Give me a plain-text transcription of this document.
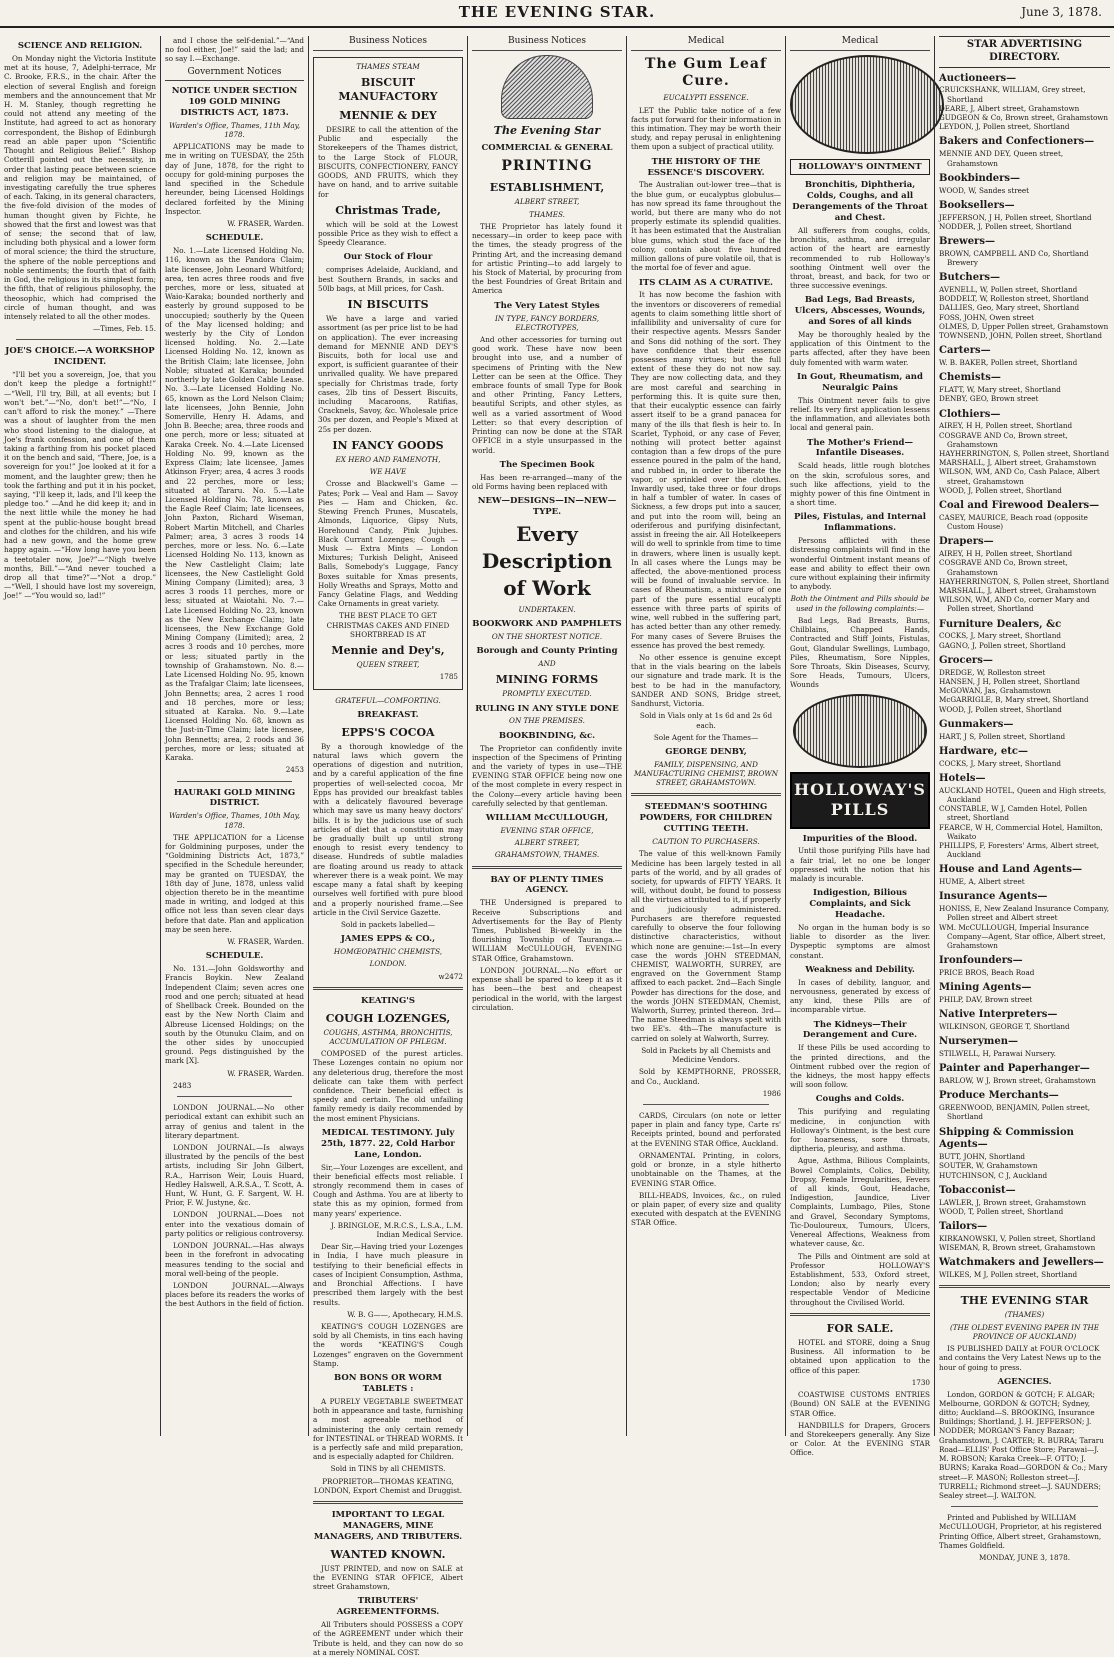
THE EVENING STAR.	June 3, 1878.
SCIENCE AND RELIGION.

On Monday night the Victoria Institute met at its house, 7, Adelphi-terrace, Mr C. Brooke, F.R.S., in the chair. After the election of several English and foreign members and the announcement that Mr H. M. Stanley, though regretting he could not attend any meeting of the Institute, had agreed to act as honorary correspondent, the Bishop of Edinburgh read an able paper upon “Scientific Thought and Religious Belief.” Bishop Cotterill pointed out the necessity, in order that lasting peace between science and religion may be maintained, of investigating carefully the true spheres of each. Taking, in its general characters, the five-fold division of the modes of human thought given by Fichte, he showed that the first and lowest was that of sense; the second that of law, including both physical and a lower form of moral science; the third the structure, the sphere of the noble perceptions and noble sentiments; the fourth that of faith in God, the religious in its simplest form; the fifth, that of religious philosophy, the theosophic, which had comprised the circle of human thought, and was intensely related to all the other modes.

—Times, Feb. 15.

JOE'S CHOICE.—A WORKSHOP INCIDENT.

“I'll bet you a sovereign, Joe, that you don't keep the pledge a fortnight!” —“Well, I'll try, Bill, at all events; but I won't bet.”—“No, don't bet!”—“No, I can't afford to risk the money.” —There was a shout of laughter from the men who stood listening to the dialogue, at Joe's frank confession, and one of them taking a farthing from his pocket placed it on the bench and said, “There, Joe, is a sovereign for you!” Joe looked at it for a moment, and the laughter grew; then he took the farthing and put it in his pocket, saying, “I'll keep it, lads, and I'll keep the pledge too.” —And he did keep it; and in the next little while the money he had spent at the public-house bought bread and clothes for the children, and his wife had a new gown, and the home grew happy again. —“How long have you been a teetotaler now, Joe?”—“Nigh twelve months, Bill.”—“And never touched a drop all that time?”—“Not a drop.” —“Well, I should have lost my sovereign, Joe!” —“You would so, lad!”

and I chose the self-denial.”—“And no fool either, Joe!” said the lad; and so say I.—Exchange.

Government Notices
NOTICE UNDER SECTION 109 GOLD MINING DISTRICTS ACT, 1873.
Warden's Office, Thames, 11th May, 1878.

APPLICATIONS may be made to me in writing on TUESDAY, the 25th day of June, 1878, for the right to occupy for gold-mining purposes the land specified in the Schedule hereunder, being Licensed Holdings declared forfeited by the Mining Inspector.

W. FRASER, Warden.

SCHEDULE.

No. 1.—Late Licensed Holding No. 116, known as the Pandora Claim; late licensee, John Leonard Whitford; area, ten acres three roods and five perches, more or less, situated at Waio-Karaka; bounded northerly and easterly by ground supposed to be unoccupied; southerly by the Queen of the May licensed holding; and westerly by the City of London licensed holding. No. 2.—Late Licensed Holding No. 12, known as the British Claim; late licensee, John Noble; situated at Karaka; bounded northerly by late Golden Cable Lease. No. 3.—Late Licensed Holding No. 65, known as the Lord Nelson Claim; late licensees, John Bennie, John Somerville, Henry H. Adams, and John B. Beeche; area, three roods and one perch, more or less; situated at Karaka Creek. No. 4.—Late Licensed Holding No. 99, known as the Express Claim; late licensee, James Atkinson Fryer; area, 4 acres 3 roods and 22 perches, more or less; situated at Tararu. No. 5.—Late Licensed Holding No. 78, known as the Eagle Reef Claim; late licensees, John Paxton, Richard Wiseman, Robert Martin Mitchell, and Charles Palmer; area, 3 acres 3 roods 14 perches, more or less. No. 6.—Late Licensed Holding No. 113, known as the New Castlelight Claim; late licensees, the New Castlelight Gold Mining Company (Limited); area, 3 acres 3 roods 11 perches, more or less; situated at Waiotahi. No. 7.—Late Licensed Holding No. 23, known as the New Exchange Claim; late licensees, the New Exchange Gold Mining Company (Limited); area, 2 acres 3 roods and 10 perches, more or less; situated partly in the township of Grahamstown. No. 8.—Late Licensed Holding No. 95, known as the Trafalgar Claim; late licensees, John Bennetts; area, 2 acres 1 rood and 18 perches, more or less; situated at Karaka. No. 9.—Late Licensed Holding No. 68, known as the Just-in-Time Claim; late licensee, John Bennetts; area, 2 roods and 36 perches, more or less; situated at Karaka.

2453

HAURAKI GOLD MINING DISTRICT.
Warden's Office, Thames, 10th May, 1878.

THE APPLICATION for a License for Goldmining purposes, under the “Goldmining Districts Act, 1873,” specified in the Schedule hereunder, may be granted on TUESDAY, the 18th day of June, 1878, unless valid objection thereto be in the meantime made in writing, and lodged at this office not less than seven clear days before that date. Plan and application may be seen here.

W. FRASER, Warden.

SCHEDULE.

No. 131.—John Goldsworthy and Francis Boykin. New Zealand Independent Claim; seven acres one rood and one perch; situated at head of Shellback Creek. Bounded on the east by the New North Claim and Albreuse Licensed Holdings; on the south by the Otunuku Claim, and on the other sides by unoccupied ground. Pegs distinguished by the mark [X].

W. FRASER, Warden.

2483

LONDON JOURNAL.—No other periodical extant can exhibit such an array of genius and talent in the literary department.

LONDON JOURNAL.—Is always illustrated by the pencils of the best artists, including Sir John Gilbert, R.A., Harrison Weir, Louis Huard, Hedley Halswell, A.R.S.A., T. Scott, A. Hunt, W. Hunt, G. F. Sargent, W. H. Prior, F. W. Justyne, &c.

LONDON JOURNAL.—Does not enter into the vexatious domain of party politics or religious controversy.

LONDON JOURNAL.—Has always been in the forefront in advocating measures tending to the social and moral well-being of the people.

LONDON JOURNAL.—Always places before its readers the works of the best Authors in the field of fiction.

Business Notices
THAMES STEAM
BISCUIT MANUFACTORY
MENNIE & DEY

DESIRE to call the attention of the Public and especially the Storekeepers of the Thames district, to the Large Stock of FLOUR, BISCUITS, CONFECTIONERY, FANCY GOODS, AND FRUITS, which they have on hand, and to arrive suitable for

Christmas Trade,

which will be sold at the Lowest possible Price as they wish to effect a Speedy Clearance.

Our Stock of Flour

comprises Adelaide, Auckland, and best Southern Brands, in sacks and 50lb bags, at Mill prices, for Cash.

IN BISCUITS

We have a large and varied assortment (as per price list to be had on application). The ever increasing demand for MENNIE AND DEY'S Biscuits, both for local use and export, is sufficient guarantee of their unrivalled quality. We have prepared specially for Christmas trade, forty cases, 2lb tins of Dessert Biscuits, including Macaroons, Ratifias, Cracknels, Savoy, &c. Wholesale price 30s per dozen, and People's Mixed at 25s per dozen.

IN FANCY GOODS
EX HERO AND FAMENOTH,
WE HAVE

Crosse and Blackwell's Game — Pates; Pork — Veal and Ham — Savoy Pies — Ham and Chicken, &c. Stewing French Prunes, Muscatels, Almonds, Liquorice, Gipsy Nuts, Horehound Candy, Pink Jujubes. Black Currant Lozenges; Cough — Musk — Extra Mints — London Mixtures; Turkish Delight, Aniseed Balls, Somebody's Luggage, Fancy Boxes suitable for Xmas presents, Holly Wreaths and Sprays, Motto and Fancy Gelatine Flags, and Wedding Cake Ornaments in great variety.

THE BEST PLACE TO GET CHRISTMAS CAKES AND FINED SHORTBREAD IS AT

Mennie and Dey's,
QUEEN STREET,

1785

GRATEFUL—COMFORTING.
BREAKFAST.
EPPS'S COCOA

By a thorough knowledge of the natural laws which govern the operations of digestion and nutrition, and by a careful application of the fine properties of well-selected cocoa, Mr Epps has provided our breakfast tables with a delicately flavoured beverage which may save us many heavy doctors' bills. It is by the judicious use of such articles of diet that a constitution may be gradually built up until strong enough to resist every tendency to disease. Hundreds of subtle maladies are floating around us ready to attack wherever there is a weak point. We may escape many a fatal shaft by keeping ourselves well fortified with pure blood and a properly nourished frame.—See article in the Civil Service Gazette.

Sold in packets labelled—

JAMES EPPS & CO.,
HOMŒOPATHIC CHEMISTS,
LONDON.

w2472

KEATING'S
COUGH LOZENGES,
COUGHS, ASTHMA, BRONCHITIS, ACCUMULATION OF PHLEGM.

COMPOSED of the purest articles. These Lozenges contain no opium nor any deleterious drug, therefore the most delicate can take them with perfect confidence. Their beneficial effect is speedy and certain. The old unfailing family remedy is daily recommended by the most eminent Physicians.

MEDICAL TESTIMONY. July 25th, 1877. 22, Cold Harbor Lane, London.

Sir,—Your Lozenges are excellent, and their beneficial effects most reliable. I strongly recommend them in cases of Cough and Asthma. You are at liberty to state this as my opinion, formed from many years' experience.

J. BRINGLOE, M.R.C.S., L.S.A., L.M. Indian Medical Service.

Dear Sir,—Having tried your Lozenges in India, I have much pleasure in testifying to their beneficial effects in cases of Incipient Consumption, Asthma, and Bronchial Affections. I have prescribed them largely with the best results.

W. B. G——, Apothecary, H.M.S.

KEATING'S COUGH LOZENGES are sold by all Chemists, in tins each having the words “KEATING'S Cough Lozenges” engraven on the Government Stamp.

BON BONS OR WORM TABLETS :

A PURELY VEGETABLE SWEETMEAT both in appearance and taste, furnishing a most agreeable method of administering the only certain remedy for INTESTINAL or THREAD WORMS. It is a perfectly safe and mild preparation, and is especially adapted for Children.

Sold in TINS by all CHEMISTS.

PROPRIETOR—THOMAS KEATING, LONDON, Export Chemist and Druggist.

IMPORTANT TO LEGAL MANAGERS, MINE MANAGERS, AND TRIBUTERS.
WANTED KNOWN.

JUST PRINTED, and now on SALE at the EVENING STAR OFFICE, Albert street Grahamstown,

TRIBUTERS' AGREEMENTFORMS.

All Tributers should POSSESS a COPY of the AGREEMENT under which their Tribute is held, and they can now do so at a merely NOMINAL COST.

Business Notices
The Evening Star
COMMERCIAL & GENERAL
PRINTING
ESTABLISHMENT,
ALBERT STREET,
THAMES.

THE Proprietor has lately found it necessary—in order to keep pace with the times, the steady progress of the Printing Art, and the increasing demand for artistic Printing—to add largely to his Stock of Material, by procuring from the best Foundries of Great Britain and America

The Very Latest Styles
IN TYPE, FANCY BORDERS, ELECTROTYPES,

And other accessories for turning out good work. These have now been brought into use, and a number of specimens of Printing with the New Letter can be seen at the Office. They embrace founts of small Type for Book and other Printing, Fancy Letters, beautiful Scripts, and other styles, as well as a varied assortment of Wood Letter: so that every description of Printing can now be done at the STAR OFFICE in a style unsurpassed in the world.

The Specimen Book

Has been re-arranged—many of the old Forms having been replaced with

NEW—DESIGNS—IN—NEW—TYPE.
Every
Description
of Work
UNDERTAKEN.
BOOKWORK AND PAMPHLETS
ON THE SHORTEST NOTICE.
Borough and County Printing
AND
MINING FORMS
PROMPTLY EXECUTED.
RULING IN ANY STYLE DONE
ON THE PREMISES.
BOOKBINDING, &c.

The Proprietor can confidently invite inspection of the Specimens of Printing and the variety of types in use—THE EVENING STAR OFFICE being now one of the most complete in every respect in the Colony—every article having been carefully selected by that gentleman.

WILLIAM McCULLOUGH,
EVENING STAR OFFICE,
ALBERT STREET,
GRAHAMSTOWN, THAMES.
BAY OF PLENTY TIMES AGENCY.

THE Undersigned is prepared to Receive Subscriptions and Advertisements for the Bay of Plenty Times, Published Bi-weekly in the flourishing Township of Tauranga.—WILLIAM McCULLOUGH, EVENING STAR Office, Grahamstown.

LONDON JOURNAL.—No effort or expense shall be spared to keep it as it has been—the best and cheapest periodical in the world, with the largest circulation.

Medical
The Gum Leaf Cure.
EUCALYPTI ESSENCE.

LET the Public take notice of a few facts put forward for their information in this intimation. They may be worth their study, and repay perusal in enlightening them upon a subject of practical utility.

THE HISTORY OF THE ESSENCE'S DISCOVERY.

The Australian out-lower tree—that is the blue gum, or eucalyptus globulus—has now spread its fame throughout the world, but there are many who do not properly estimate its splendid qualities. It has been estimated that the Australian blue gums, which stud the face of the colony, contain about five hundred million gallons of pure volatile oil, that is the mortal foe of fever and ague.

ITS CLAIM AS A CURATIVE.

It has now become the fashion with the inventors or discoverers of remedial agents to claim something little short of infallibility and universality of cure for their respective agents. Messrs Sander and Sons did nothing of the sort. They have confidence that their essence possesses many virtues; but the full extent of these they do not now say. They are now collecting data, and they are most careful and searching in performing this. It is quite sure then, that their eucalyptic essence can fairly assert itself to be a grand panacea for many of the ills that flesh is heir to. In Scarlet, Typhoid, or any case of Fever, nothing will protect better against contagion than a few drops of the pure essence poured in the palm of the hand, and rubbed in, in order to liberate the vapor, or sprinkled over the clothes. Inwardly used, take three or four drops in half a tumbler of water. In cases of Sickness, a few drops put into a saucer, and put into the room will, being an oderiferous and purifying disinfectant, assist in freeing the air. All Hotelkeepers will do well to sprinkle from time to time in drawers, where linen is usually kept. In all cases where the Lungs may be affected, the above-mentioned process will be found of invaluable service. In cases of Rheumatism, a mixture of one part of the pure essential eucalypti essence with three parts of spirits of wine, well rubbed in the suffering part, has acted better than any other remedy. For many cases of Severe Bruises the essence has proved the best remedy.

No other essence is genuine except that in the vials bearing on the labels our signature and trade mark. It is the best to be had in the manufactory, SANDER AND SONS, Bridge street, Sandhurst, Victoria.

Sold in Vials only at 1s 6d and 2s 6d each.

Sole Agent for the Thames—

GEORGE DENBY,
FAMILY, DISPENSING, AND MANUFACTURING CHEMIST, BROWN STREET, GRAHAMSTOWN.
STEEDMAN'S SOOTHING POWDERS, FOR CHILDREN CUTTING TEETH.
CAUTION TO PURCHASERS.

The value of this well-known Family Medicine has been largely tested in all parts of the world, and by all grades of society, for upwards of FIFTY YEARS. It will, without doubt, be found to possess all the virtues attributed to it, if properly and judiciously administered. Purchasers are therefore requested carefully to observe the four following distinctive characteristics, without which none are genuine:—1st—In every case the words JOHN STEEDMAN, CHEMIST, WALWORTH, SURREY, are engraved on the Government Stamp affixed to each packet. 2nd—Each Single Powder has directions for the dose, and the words JOHN STEEDMAN, Chemist, Walworth, Surrey, printed thereon. 3rd—The name Steedman is always spelt with two EE's. 4th—The manufacture is carried on solely at Walworth, Surrey.

Sold in Packets by all Chemists and Medicine Vendors.

Sold by KEMPTHORNE, PROSSER, and Co., Auckland.

1986

CARDS, Circulars (on note or letter paper in plain and fancy type, Carte rs' Receipts printed, bound and perforated at the EVENING STAR Office, Auckland.

ORNAMENTAL Printing, in colors, gold or bronze, in a style hitherto unobtainable on the Thames, at the EVENING STAR Office.

BILL-HEADS, Invoices, &c., on ruled or plain paper, of every size and quality executed with despatch at the EVENING STAR Office.

Medical
HOLLOWAY'S OINTMENT
Bronchitis, Diphtheria, Colds, Coughs, and all Derangements of the Throat and Chest.

All sufferers from coughs, colds, bronchitis, asthma, and irregular action of the heart are earnestly recommended to rub Holloway's soothing Ointment well over the throat, breast, and back, for two or three successive evenings.

Bad Legs, Bad Breasts, Ulcers, Abscesses, Wounds, and Sores of all kinds

May be thoroughly healed by the application of this Ointment to the parts affected, after they have been duly fomented with warm water.

In Gout, Rheumatism, and Neuralgic Pains

This Ointment never fails to give relief. Its very first application lessens the inflammation, and alleviates both local and general pain.

The Mother's Friend—Infantile Diseases.

Scald heads, little rough blotches on the skin, scrofulous sores, and such like affections, yield to the mighty power of this fine Ointment in a short time.

Piles, Fistulas, and Internal Inflammations.

Persons afflicted with these distressing complaints will find in the wonderful Ointment instant means of ease and ability to effect their own cure without explaining their infirmity to anybody.

Both the Ointment and Pills should be used in the following complaints:—

Bad Legs, Bad Breasts, Burns, Chilblains, Chapped Hands, Contracted and Stiff Joints, Fistulas, Gout, Glandular Swellings, Lumbago, Piles, Rheumatism, Sore Nipples, Sore Throats, Skin Diseases, Scurvy, Sore Heads, Tumours, Ulcers, Wounds

HOLLOWAY'S PILLS
Impurities of the Blood.

Until those purifying Pills have had a fair trial, let no one be longer oppressed with the notion that his malady is incurable.

Indigestion, Bilious Complaints, and Sick Headache.

No organ in the human body is so liable to disorder as the liver. Dyspeptic symptoms are almost constant.

Weakness and Debility.

In cases of debility, languor, and nervousness, generated by excess of any kind, these Pills are of incomparable virtue.

The Kidneys—Their Derangement and Cure.

If these Pills be used according to the printed directions, and the Ointment rubbed over the region of the kidneys, the most happy effects will soon follow.

Coughs and Colds.

This purifying and regulating medicine, in conjunction with Holloway's Ointment, is the best cure for hoarseness, sore throats, diptheria, pleurisy, and asthma.

Ague, Asthma, Bilious Complaints, Bowel Complaints, Colics, Debility, Dropsy, Female Irregularities, Fevers of all kinds, Gout, Headache, Indigestion, Jaundice, Liver Complaints, Lumbago, Piles, Stone and Gravel, Secondary Symptoms, Tic-Douloureux, Tumours, Ulcers, Venereal Affections, Weakness from whatever cause, &c.

The Pills and Ointment are sold at Professor HOLLOWAY'S Establishment, 533, Oxford street, London; also by nearly every respectable Vendor of Medicine throughout the Civilised World.

FOR SALE.

HOTEL and STORE, doing a Snug Business. All information to be obtained upon application to the office of this paper.

1730

COASTWISE CUSTOMS ENTRIES (Bound) ON SALE at the EVENING STAR Office.

HANDBILLS for Drapers, Grocers and Storekeepers generally. Any Size or Color. At the EVENING STAR Office.

STAR ADVERTISING DIRECTORY.
Auctioneers—
CRUICKSHANK, WILLIAM, Grey street, Shortland
DEARE, J, Albert street, Grahamstown
GUDGEON & Co, Brown street, Grahamstown
LEYDON, J, Pollen street, Shortland
Bakers and Confectioners—
MENNIE AND DEY, Queen street, Grahamstown
Bookbinders—
WOOD, W, Sandes street
Booksellers—
JEFFERSON, J H, Pollen street, Shortland
NODDER, J, Pollen street, Shortland
Brewers—
BROWN, CAMPBELL AND Co, Shortland Brewery
Butchers—
AVENELL, W, Pollen street, Shortland
BODDELT, W, Rolleston street, Shortland
DALLIES, Geo, Mary street, Shortland
FOSS, JOHN, Owen street
OLMES, D, Upper Pollen street, Grahamstown
TOWNSEND, JOHN, Pollen street, Shortland
Carters—
W. B. BAKER, Pollen street, Shortland
Chemists—
FLATT, W, Mary street, Shortland
DENBY, GEO, Brown street
Clothiers—
AIREY, H H, Pollen street, Shortland
COSGRAVE AND Co, Brown street, Grahamstown
HAYHERRINGTON, S, Pollen street, Shortland
MARSHALL, J, Albert street, Grahamstown
WILSON, WM, AND Co, Cash Palace, Albert street, Grahamstown
WOOD, J, Pollen street, Shortland
Coal and Firewood Dealers—
CASEY, MAURICE, Beach road (opposite Custom House)
Drapers—
AIREY, H H, Pollen street, Shortland
COSGRAVE AND Co, Brown street, Grahamstown
HAYHERRINGTON, S, Pollen street, Shortland
MARSHALL, J, Albert street, Grahamstown
WILSON, WM, AND Co, corner Mary and Pollen street, Shortland
Furniture Dealers, &c
COCKS, J, Mary street, Shortland
GAGNO, J, Pollen street, Shortland
Grocers—
DREDGE, W, Rolleston street
HANSEN, J H, Pollen street, Shortland
McGOWAN, Jas, Grahamstown
McGARRIGLE, B, Mary street, Shortland
WOOD, J, Pollen street, Shortland
Gunmakers—
HART, J S, Pollen street, Shortland
Hardware, etc—
COCKS, J, Mary street, Shortland
Hotels—
AUCKLAND HOTEL, Queen and High streets, Auckland
CONSTABLE, W J, Camden Hotel, Pollen street, Shortland
FEARCE, W H, Commercial Hotel, Hamilton, Waikato
PHILLIPS, F, Foresters' Arms, Albert street, Auckland
House and Land Agents—
HUME, A, Albert street
Insurance Agents—
HONISS, E, New Zealand Insurance Company, Pollen street and Albert street
WM. McCULLOUGH, Imperial Insurance Company—Agent, Star office, Albert street, Grahamstown
Ironfounders—
PRICE BROS, Beach Road
Mining Agents—
PHILP, DAV, Brown street
Native Interpreters—
WILKINSON, GEORGE T, Shortland
Nurserymen—
STILWELL, H, Parawai Nursery.
Painter and Paperhanger—
BARLOW, W J, Brown street, Grahamstown
Produce Merchants—
GREENWOOD, BENJAMIN, Pollen street, Shortland
Shipping & Commission Agents—
BUTT, JOHN, Shortland
SOUTER, W, Grahamstown
HUTCHINSON, C J, Auckland
Tobacconist—
LAWLER, J, Brown street, Grahamstown
WOOD, T, Pollen street, Shortland
Tailors—
KIRKANOWSKI, V, Pollen street, Shortland
WISEMAN, R, Brown street, Grahamstown
Watchmakers and Jewellers—
WILKES, M J, Pollen street, Shortland
THE EVENING STAR
(THAMES)
(THE OLDEST EVENING PAPER IN THE PROVINCE OF AUCKLAND)

IS PUBLISHED DAILY at FOUR O'CLOCK and contains the Very Latest News up to the hour of going to press.

AGENCIES.

London, GORDON & GOTCH; F. ALGAR; Melbourne, GORDON & GOTCH; Sydney, ditto; Auckland—S. BROOKING, Insurance Buildings; Shortland, J. H. JEFFERSON; J. NODDER; MORGAN'S Fancy Bazaar; Grahamstown, J. CARTER; R. BURRA; Tararu Road—ELLIS' Post Office Store; Parawai—J. M. ROBSON; Karaka Creek—F. OTTO; J. BURNS; Karaka Road—GORDON & Co.; Mary street—F. MASON; Rolleston street—J. TURRELL; Richmond street—J. SAUNDERS; Sealey street—J. WALTON.

Printed and Published by WILLIAM McCULLOUGH, Proprietor, at his registered Printing Office, Albert street, Grahamstown, Thames Goldfield.

MONDAY, JUNE 3, 1878.
